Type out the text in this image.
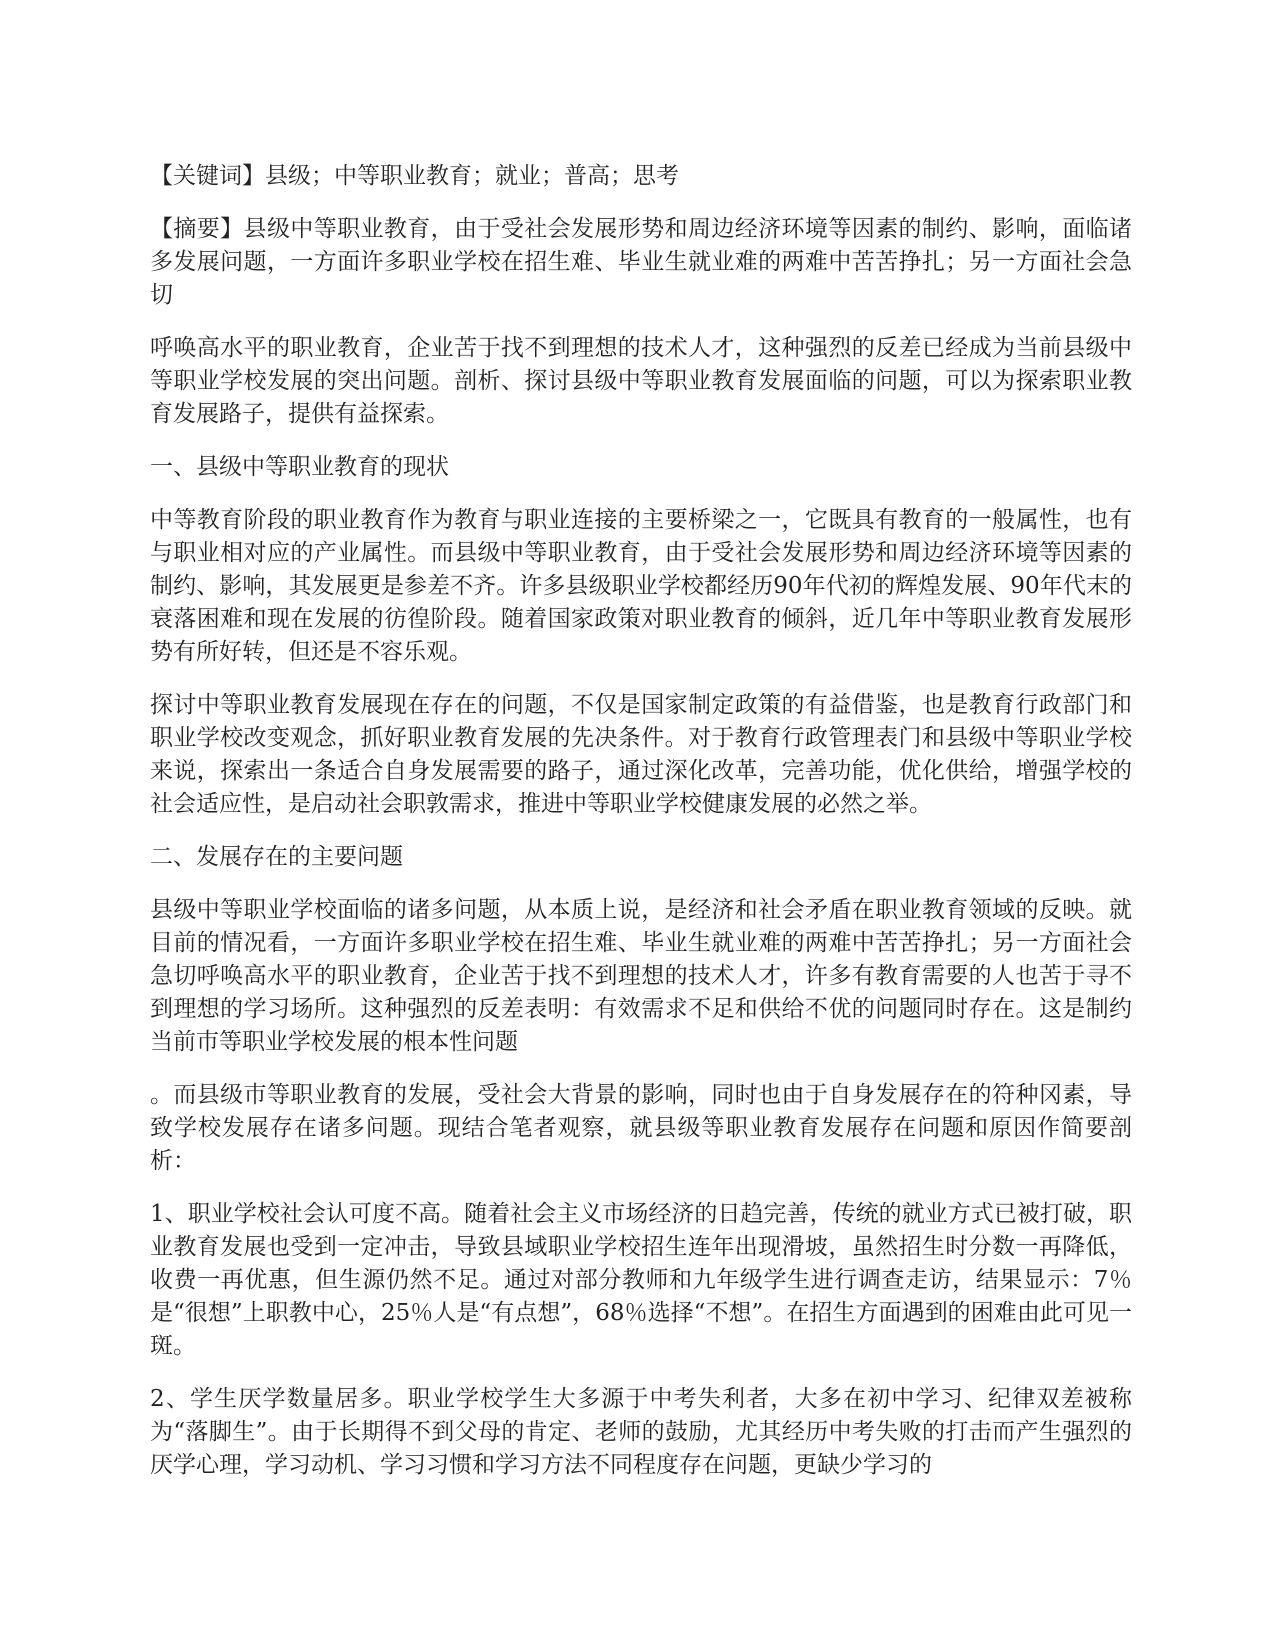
【关键词】县级；中等职业教育；就业；普高；思考

【摘要】县级中等职业教育，由于受社会发展形势和周边经济环境等因素的制约、影响，面临诸多发展问题，一方面许多职业学校在招生难、毕业生就业难的两难中苦苦挣扎；另一方面社会急切

呼唤高水平的职业教育，企业苦于找不到理想的技术人才，这种强烈的反差已经成为当前县级中等职业学校发展的突出问题。剖析、探讨县级中等职业教育发展面临的问题，可以为探索职业教育发展路子，提供有益探索。

一、县级中等职业教育的现状

中等教育阶段的职业教育作为教育与职业连接的主要桥梁之一，它既具有教育的一般属性，也有与职业相对应的产业属性。而县级中等职业教育，由于受社会发展形势和周边经济环境等因素的制约、影响，其发展更是参差不齐。许多县级职业学校都经历90年代初的辉煌发展、90年代末的衰落困难和现在发展的彷徨阶段。随着国家政策对职业教育的倾斜，近几年中等职业教育发展形势有所好转，但还是不容乐观。

探讨中等职业教育发展现在存在的问题，不仅是国家制定政策的有益借鉴，也是教育行政部门和职业学校改变观念，抓好职业教育发展的先决条件。对于教育行政管理表门和县级中等职业学校来说，探索出一条适合自身发展需要的路子，通过深化改革，完善功能，优化供给，增强学校的社会适应性，是启动社会职敦需求，推进中等职业学校健康发展的必然之举。

二、发展存在的主要问题

县级中等职业学校面临的诸多问题，从本质上说，是经济和社会矛盾在职业教育领域的反映。就目前的情况看，一方面许多职业学校在招生难、毕业生就业难的两难中苦苦挣扎；另一方面社会急切呼唤高水平的职业教育，企业苦于找不到理想的技术人才，许多有教育需要的人也苦于寻不到理想的学习场所。这种强烈的反差表明：有效需求不足和供给不优的问题同时存在。这是制约当前巿等职业学校发展的根本性问题

。而县级巿等职业教育的发展，受社会大背景的影响，同时也由于自身发展存在的符种冈素，导致学校发展存在诸多问题。现结合笔者观察，就县级等职业教育发展存在问题和原因作简要剖析：

1、职业学校社会认可度不高。随着社会主义市场经济的日趋完善，传统的就业方式已被打破，职业教育发展也受到一定冲击，导致县域职业学校招生连年出现滑坡，虽然招生时分数一再降低，收费一再优惠，但生源仍然不足。通过对部分教师和九年级学生进行调查走访，结果显示：7％是“很想”上职教中心，25％人是“有点想”，68％选择“不想”。在招生方面遇到的困难由此可见一斑。

2、学生厌学数量居多。职业学校学生大多源于中考失利者，大多在初中学习、纪律双差被称为“落脚生”。由于长期得不到父母的肯定、老师的鼓励，尤其经历中考失败的打击而产生强烈的厌学心理，学习动机、学习习惯和学习方法不同程度存在问题，更缺少学习的
